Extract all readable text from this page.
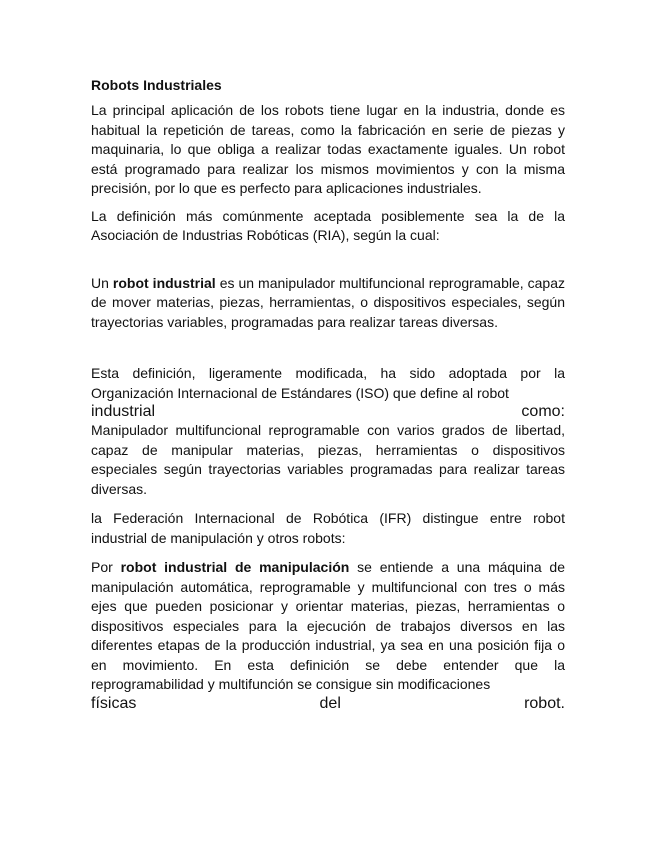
Robots Industriales

La principal aplicación de los robots tiene lugar en la industria, donde es habitual la repetición de tareas, como la fabricación en serie de piezas y maquinaria, lo que obliga a realizar todas exactamente iguales. Un robot está programado para realizar los mismos movimientos y con la misma precisión, por lo que es perfecto para aplicaciones industriales.

La definición más comúnmente aceptada posiblemente sea la de la Asociación de Industrias Robóticas (RIA), según la cual:

Un robot industrial es un manipulador multifuncional reprogramable, capaz de mover materias, piezas, herramientas, o dispositivos especiales, según trayectorias variables, programadas para realizar tareas diversas.

Esta definición, ligeramente modificada, ha sido adoptada por la Organización Internacional de Estándares (ISO) que define al robot

industrial	como:

Manipulador multifuncional reprogramable con varios grados de libertad, capaz de manipular materias, piezas, herramientas o dispositivos especiales según trayectorias variables programadas para realizar tareas diversas.

la Federación Internacional de Robótica (IFR) distingue entre robot industrial de manipulación y otros robots:

Por robot industrial de manipulación se entiende a una máquina de manipulación automática, reprogramable y multifuncional con tres o más ejes que pueden posicionar y orientar materias, piezas, herramientas o dispositivos especiales para la ejecución de trabajos diversos en las diferentes etapas de la producción industrial, ya sea en una posición fija o en movimiento. En esta definición se debe entender que la reprogramabilidad y multifunción se consigue sin modificaciones

físicas	del	robot.
